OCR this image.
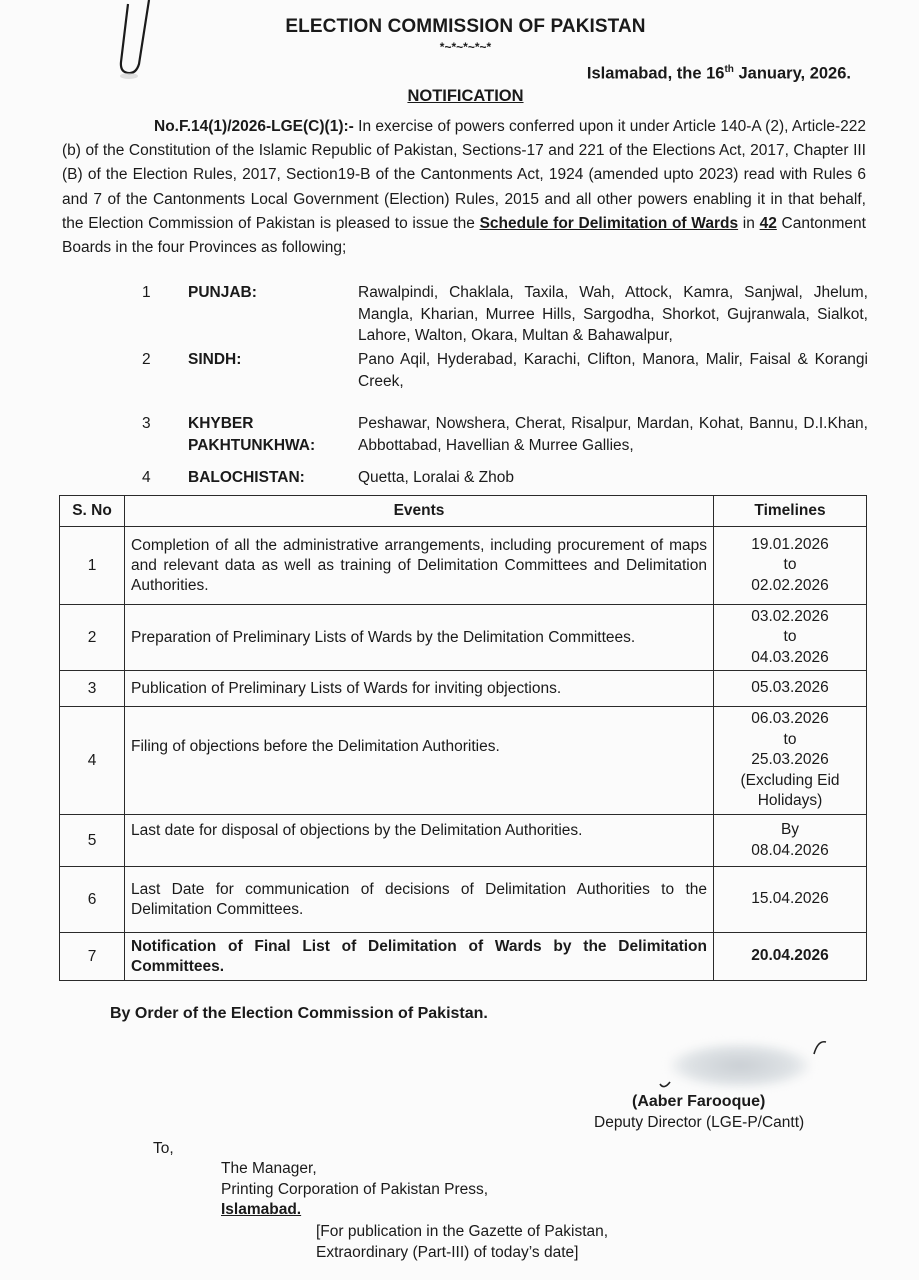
ELECTION COMMISSION OF PAKISTAN
*~*~*~*~*
Islamabad, the 16th January, 2026.
NOTIFICATION
No.F.14(1)/2026-LGE(C)(1):- In exercise of powers conferred upon it under Article 140-A (2), Article-222 (b) of the Constitution of the Islamic Republic of Pakistan, Sections-17 and 221 of the Elections Act, 2017, Chapter III (B) of the Election Rules, 2017, Section19-B of the Cantonments Act, 1924 (amended upto 2023) read with Rules 6 and 7 of the Cantonments Local Government (Election) Rules, 2015 and all other powers enabling it in that behalf, the Election Commission of Pakistan is pleased to issue the Schedule for Delimitation of Wards in 42 Cantonment Boards in the four Provinces as following;
1	PUNJAB:	Rawalpindi, Chaklala, Taxila, Wah, Attock, Kamra, Sanjwal, Jhelum, Mangla, Kharian, Murree Hills, Sargodha, Shorkot, Gujranwala, Sialkot, Lahore, Walton, Okara, Multan & Bahawalpur,
2	SINDH:	Pano Aqil, Hyderabad, Karachi, Clifton, Manora, Malir, Faisal & Korangi Creek,
3	KHYBER PAKHTUNKHWA:
Peshawar, Nowshera, Cherat, Risalpur, Mardan, Kohat, Bannu, D.I.Khan, Abbottabad, Havellian & Murree Gallies,
4	BALOCHISTAN:	Quetta, Loralai & Zhob
S. No	Events	Timelines
1	Completion of all the administrative arrangements, including procurement of maps and relevant data as well as training of Delimitation Committees and Delimitation Authorities.	19.01.2026
to
02.02.2026

2	Preparation of Preliminary Lists of Wards by the Delimitation Committees.	03.02.2026
to
04.03.2026

3	Publication of Preliminary Lists of Wards for inviting objections.	05.03.2026
4	Filing of objections before the Delimitation Authorities.	06.03.2026
to
25.03.2026
(Excluding Eid
Holidays)

5	Last date for disposal of objections by the Delimitation Authorities.	By
08.04.2026

6	Last Date for communication of decisions of Delimitation Authorities to the Delimitation Committees.	15.04.2026
7	Notification of Final List of Delimitation of Wards by the Delimitation Committees.	20.04.2026
By Order of the Election Commission of Pakistan.
(Aaber Farooque)
Deputy Director (LGE-P/Cantt)
To,
The Manager,
Printing Corporation of Pakistan Press,
Islamabad.
[For publication in the Gazette of Pakistan,
Extraordinary (Part-III) of today’s date]
